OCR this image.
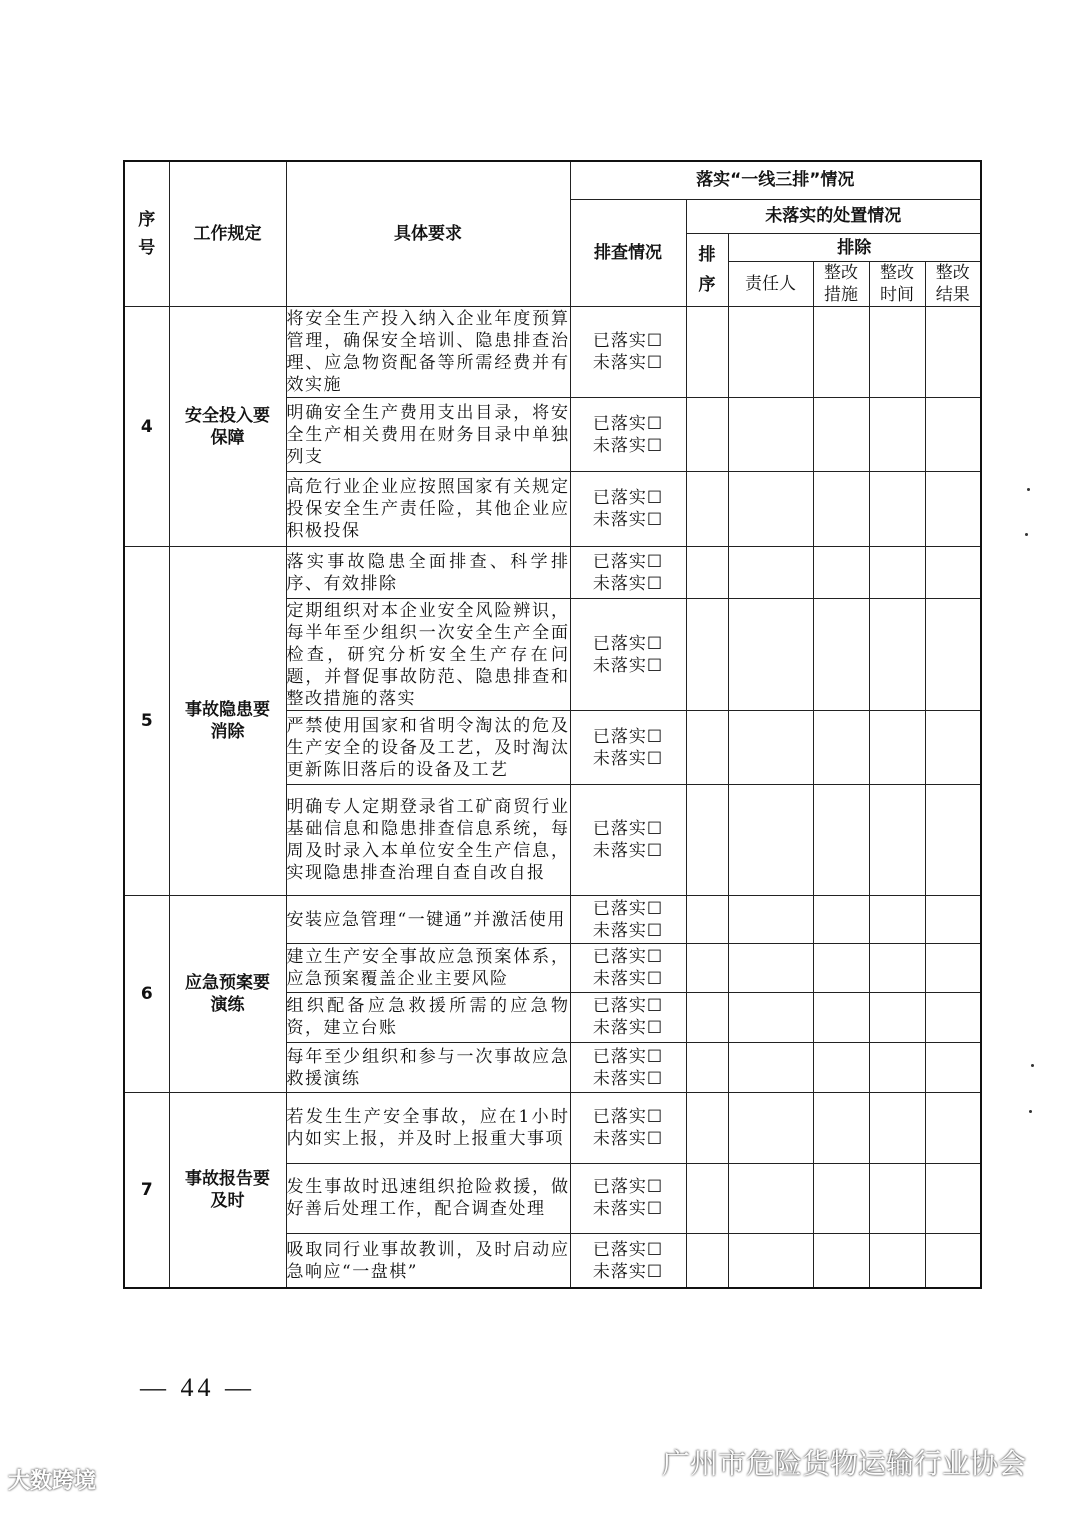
序号	工作规定	具体要求	落实“一线三排”情况					
			排查情况	未落实的处置情况				

				排序	排除			
					责任人	整改措施	整改时间	整改结果

4	安全投入要保障	将安全生产投入纳入企业年度预算管理，确保安全培训、隐患排查治理、应急物资配备等所需经费并有效实施	已落实☐
未落实☐					

		明确安全生产费用支出目录，将安全生产相关费用在财务目录中单独列支	已落实☐
未落实☐					

		高危行业企业应按照国家有关规定投保安全生产责任险，其他企业应积极投保	已落实☐
未落实☐					

5	事故隐患要消除	落实事故隐患全面排查、科学排序、有效排除	已落实☐
未落实☐					

		定期组织对本企业安全风险辨识，每半年至少组织一次安全生产全面检查，研究分析安全生产存在问题，并督促事故防范、隐患排查和整改措施的落实	已落实☐
未落实☐					

		严禁使用国家和省明令淘汰的危及生产安全的设备及工艺，及时淘汰更新陈旧落后的设备及工艺	已落实☐
未落实☐					

		明确专人定期登录省工矿商贸行业基础信息和隐患排查信息系统，每周及时录入本单位安全生产信息，实现隐患排查治理自查自改自报	已落实☐
未落实☐					

6	应急预案要演练	安装应急管理“一键通”并激活使用	已落实☐
未落实☐					

		建立生产安全事故应急预案体系，应急预案覆盖企业主要风险	已落实☐
未落实☐					

		组织配备应急救援所需的应急物资，建立台账	已落实☐
未落实☐					

		每年至少组织和参与一次事故应急救援演练	已落实☐
未落实☐					

7	事故报告要及时	若发生生产安全事故，应在1小时内如实上报，并及时上报重大事项	已落实☐
未落实☐					

		发生事故时迅速组织抢险救援，做好善后处理工作，配合调查处理	已落实☐
未落实☐					

		吸取同行业事故教训，及时启动应急响应“一盘棋”	已落实☐
未落实☐					

— 44 —
大数跨境
广州市危险货物运输行业协会
